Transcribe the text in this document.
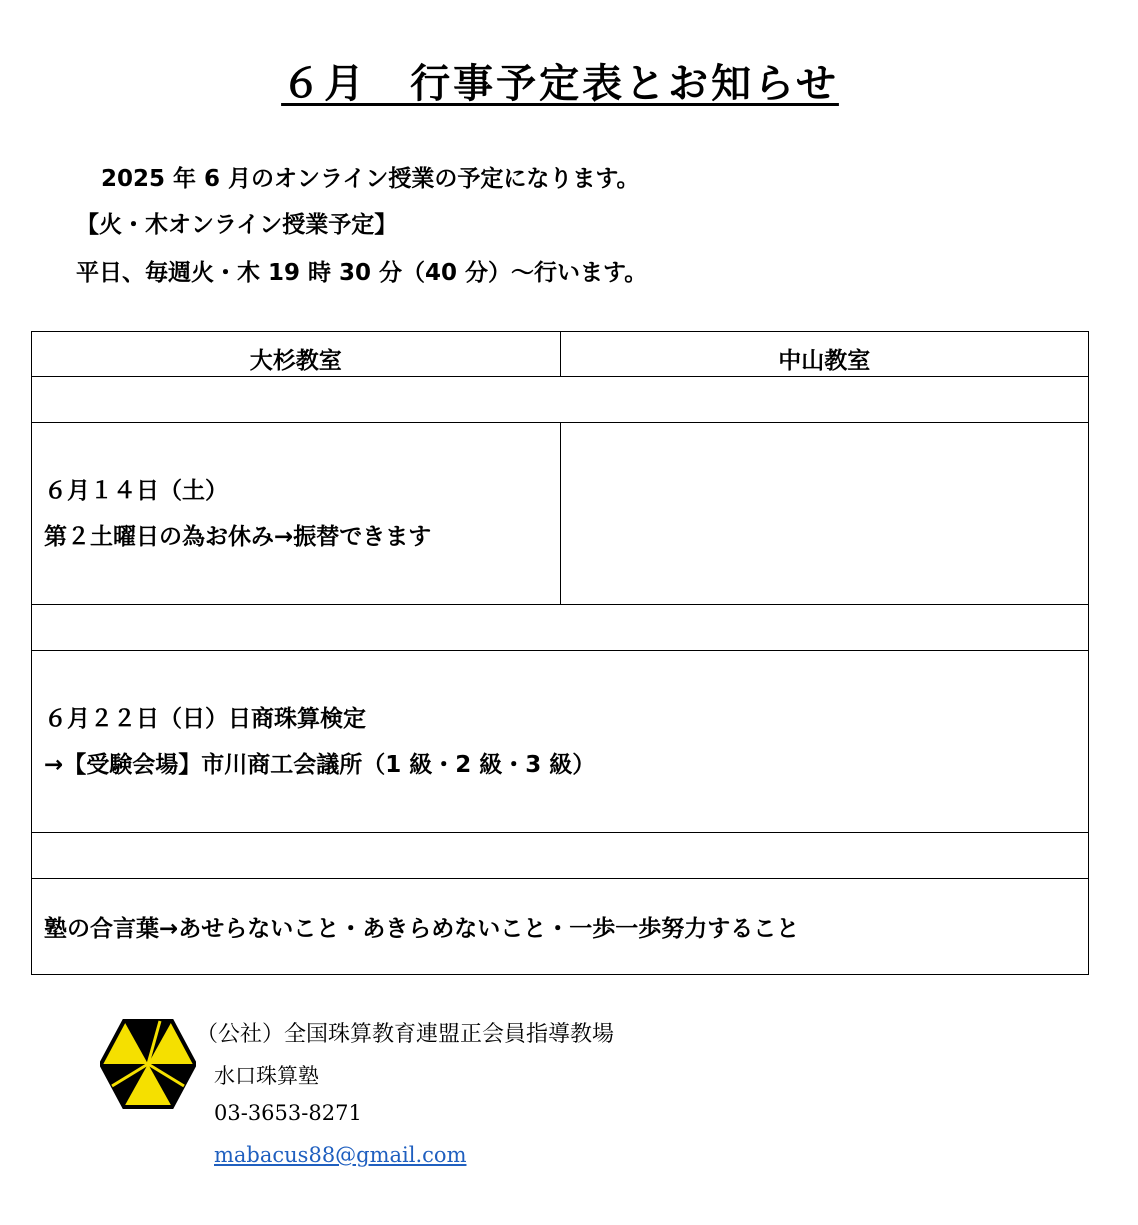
６月　行事予定表とお知らせ
2025 年 6 月のオンライン授業の予定になります。
【火・木オンライン授業予定】
平日、毎週火・木 19 時 30 分（40 分）～行います。
大杉教室	中山教室

６月１４日（土）
第２土曜日の為お休み→振替できます	

６月２２日（日）日商珠算検定
→【受験会場】市川商工会議所（1 級・2 級・3 級）	

塾の合言葉→あせらないこと・あきらめないこと・一歩一歩努力すること	
（公社）全国珠算教育連盟正会員指導教場
水口珠算塾
03-3653-8271
mabacus88@gmail.com
